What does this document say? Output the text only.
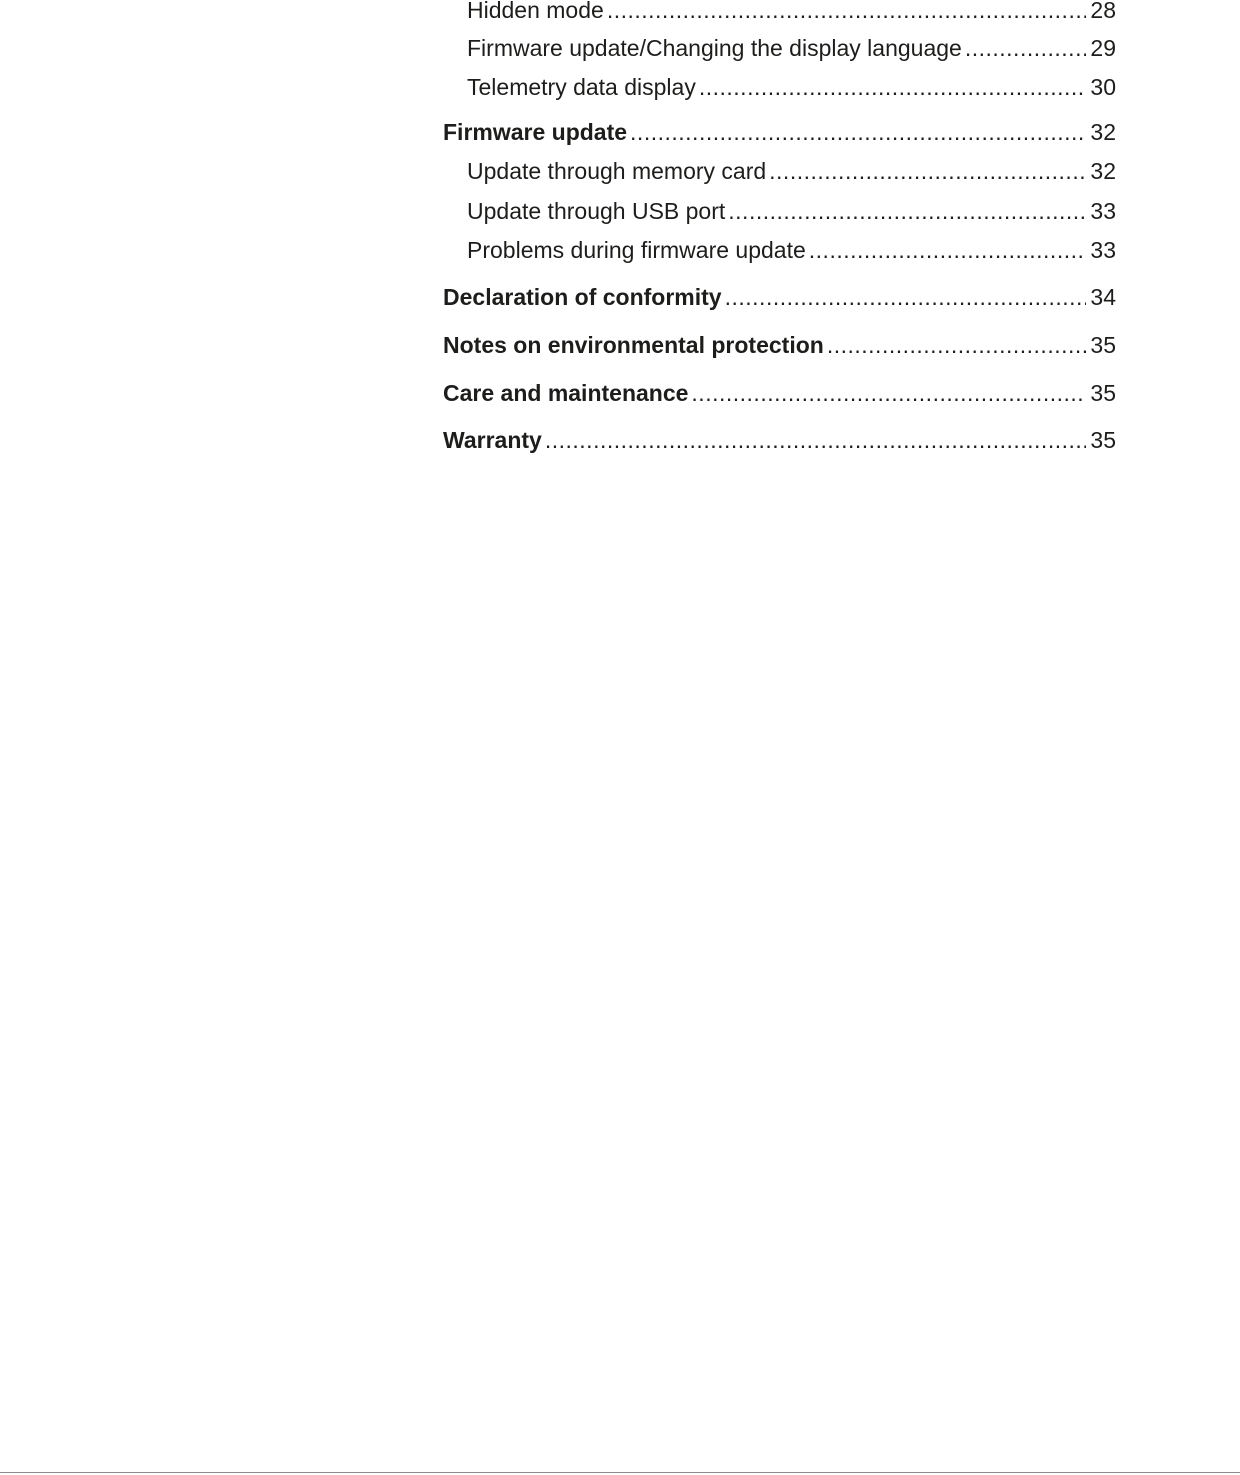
Hidden mode .....	28
Firmware update/Changing the display language .....	29
Telemetry data display .....	30
Firmware update .....	32
Update through memory card .....	32
Update through USB port .....	33
Problems during firmware update .....	33
Declaration of conformity .....	34
Notes on environmental protection .....	35
Care and maintenance .....	35
Warranty .....	35
